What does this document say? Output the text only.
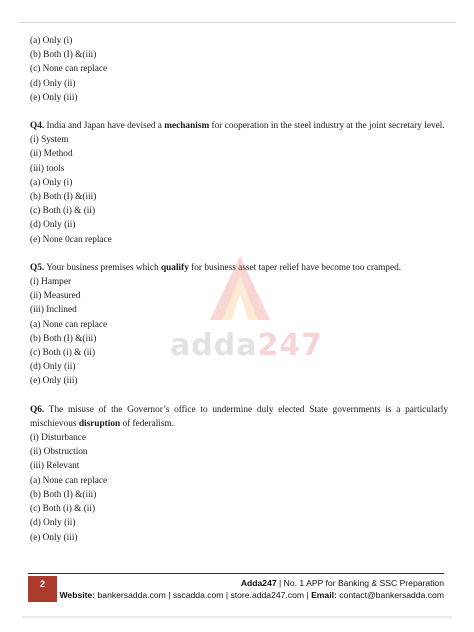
(a) Only (i)
(b) Both (I) &(iii)
(c) None can replace
(d) Only (ii)
(e) Only (iii)
Q4. India and Japan have devised a mechanism for cooperation in the steel industry at the joint secretary level.
(i) System
(ii) Method
(iii) tools
(a) Only (i)
(b) Both (I) &(iii)
(c) Both (i) & (ii)
(d) Only (ii)
(e) None 0can replace
Q5. Your business premises which qualify for business asset taper relief have become too cramped.
(i) Hamper
(ii) Measured
(iii) Inclined
(a) None can replace
(b) Both (I) &(iii)
(c) Both (i) & (ii)
(d) Only (ii)
(e) Only (iii)
Q6. The misuse of the Governor’s office to undermine duly elected State governments is a particularly mischievous disruption of federalism.
(i) Disturbance
(ii) Obstruction
(iii) Relevant
(a) None can replace
(b) Both (I) &(iii)
(c) Both (i) & (ii)
(d) Only (ii)
(e) Only (iii)
adda247
2	Adda247 | No. 1 APP for Banking & SSC Preparation
Website: bankersadda.com | sscadda.com | store.adda247.com | Email: contact@bankersadda.com
